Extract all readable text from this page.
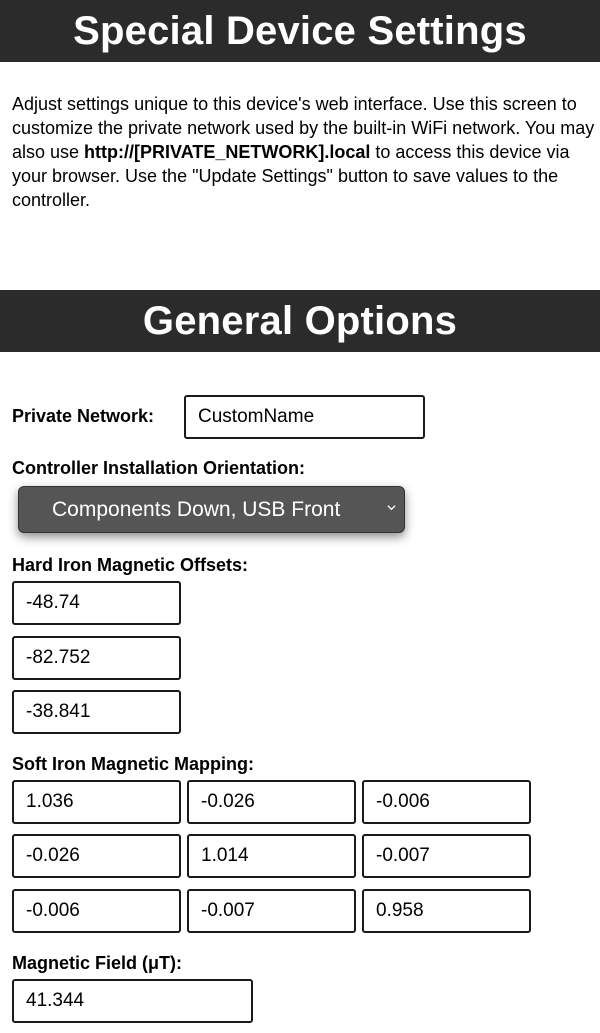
Special Device Settings
Adjust settings unique to this device's web interface. Use this screen to customize the private network used by the built-in WiFi network. You may also use http://[PRIVATE_NETWORK].local to access this device via your browser. Use the "Update Settings" button to save values to the controller.
General Options
Private Network:
CustomName
Controller Installation Orientation:
Components Down, USB Front
Hard Iron Magnetic Offsets:
-48.74
-82.752
-38.841
Soft Iron Magnetic Mapping:
1.036
-0.026
-0.006
-0.026
1.014
-0.007
-0.006
-0.007
0.958
Magnetic Field (μT):
41.344
